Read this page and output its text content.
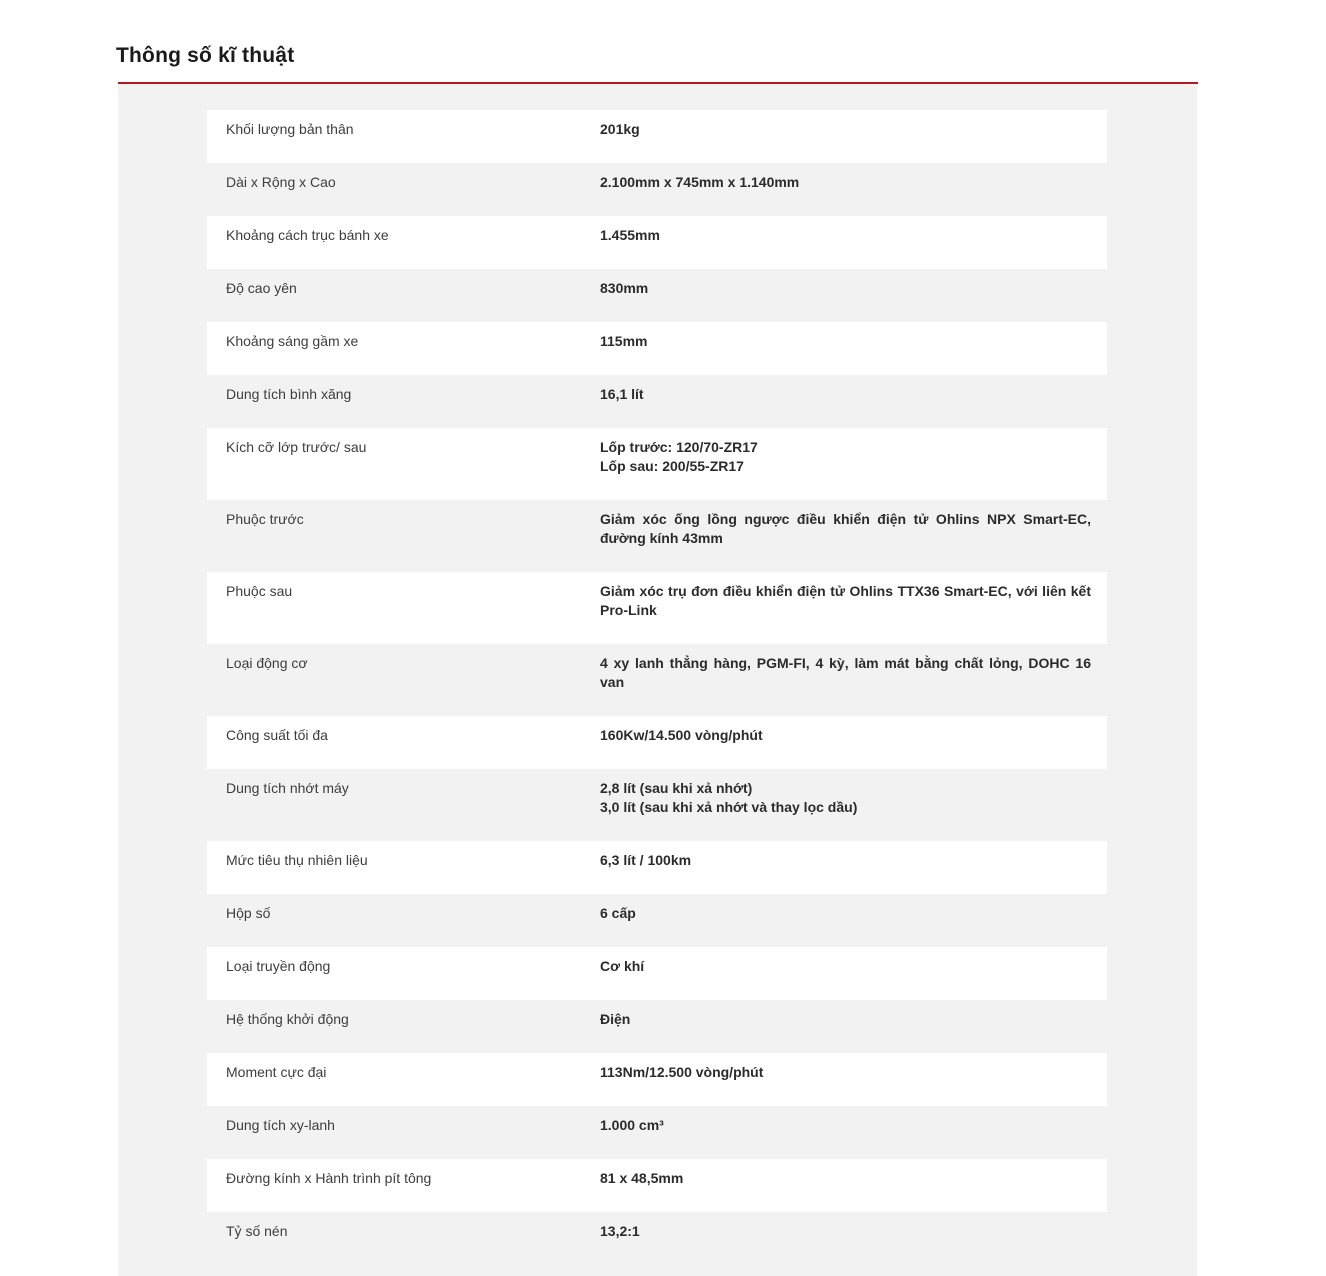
Thông số kĩ thuật
Khối lượng bản thân	201kg
Dài x Rộng x Cao	2.100mm x 745mm x 1.140mm
Khoảng cách trục bánh xe	1.455mm
Độ cao yên	830mm
Khoảng sáng gầm xe	115mm
Dung tích bình xăng	16,1 lít
Kích cỡ lớp trước/ sau	Lốp trước: 120/70-ZR17
Lốp sau: 200/55-ZR17
Phuộc trước	Giảm xóc ống lồng ngược điều khiển điện tử Ohlins NPX Smart-EC, đường kính 43mm
Phuộc sau	Giảm xóc trụ đơn điều khiển điện tử Ohlins TTX36 Smart-EC, với liên kết Pro-Link
Loại động cơ	4 xy lanh thẳng hàng, PGM-FI, 4 kỳ, làm mát bằng chất lỏng, DOHC 16 van
Công suất tối đa	160Kw/14.500 vòng/phút
Dung tích nhớt máy	2,8 lít (sau khi xả nhớt)
3,0 lít (sau khi xả nhớt và thay lọc dầu)
Mức tiêu thụ nhiên liệu	6,3 lít / 100km
Hộp số	6 cấp
Loại truyền động	Cơ khí
Hệ thống khởi động	Điện
Moment cực đại	113Nm/12.500 vòng/phút
Dung tích xy-lanh	1.000 cm³
Đường kính x Hành trình pít tông	81 x 48,5mm
Tỷ số nén	13,2:1
